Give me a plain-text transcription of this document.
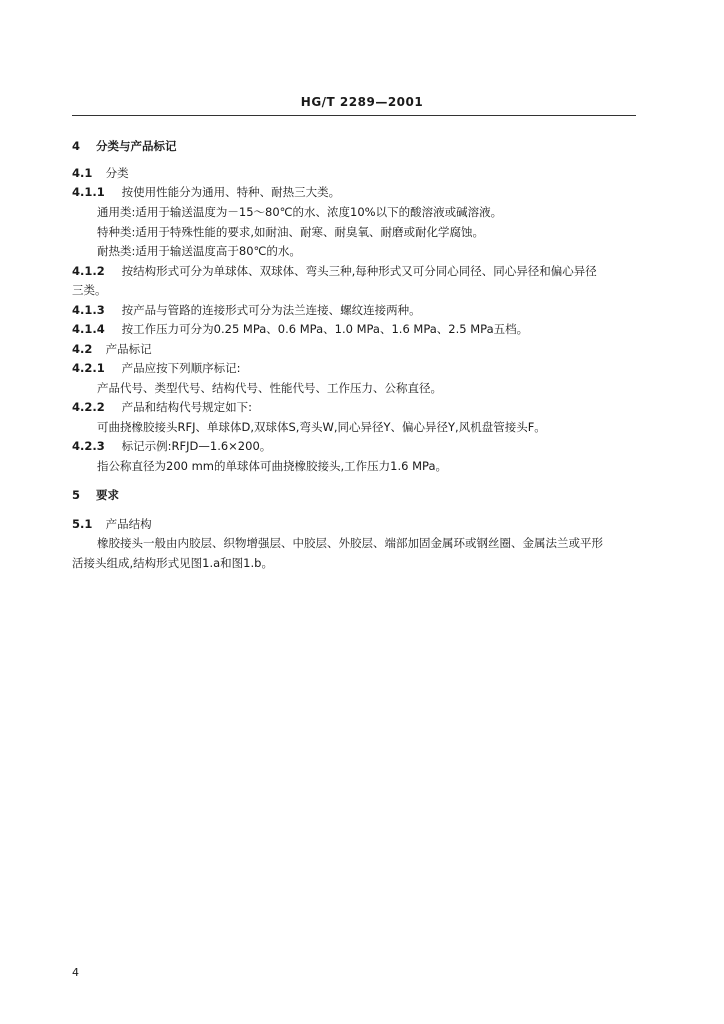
HG/T 2289—2001
4 分类与产品标记
4.1 分类
4.1.1 按使用性能分为通用、特种、耐热三大类。
通用类:适用于输送温度为－15～80℃的水、浓度10%以下的酸溶液或碱溶液。
特种类:适用于特殊性能的要求,如耐油、耐寒、耐臭氧、耐磨或耐化学腐蚀。
耐热类:适用于输送温度高于80℃的水。
4.1.2 按结构形式可分为单球体、双球体、弯头三种,每种形式又可分同心同径、同心异径和偏心异径
三类。
4.1.3 按产品与管路的连接形式可分为法兰连接、螺纹连接两种。
4.1.4 按工作压力可分为0.25 MPa、0.6 MPa、1.0 MPa、1.6 MPa、2.5 MPa五档。
4.2 产品标记
4.2.1 产品应按下列顺序标记:
产品代号、类型代号、结构代号、性能代号、工作压力、公称直径。
4.2.2 产品和结构代号规定如下:
可曲挠橡胶接头RFJ、单球体D,双球体S,弯头W,同心异径Y、偏心异径Y,风机盘管接头F。
4.2.3 标记示例:RFJD—1.6×200。
指公称直径为200 mm的单球体可曲挠橡胶接头,工作压力1.6 MPa。
5 要求
5.1 产品结构
橡胶接头一般由内胶层、织物增强层、中胶层、外胶层、端部加固金属环或钢丝圈、金属法兰或平形
活接头组成,结构形式见图1.a和图1.b。
4
